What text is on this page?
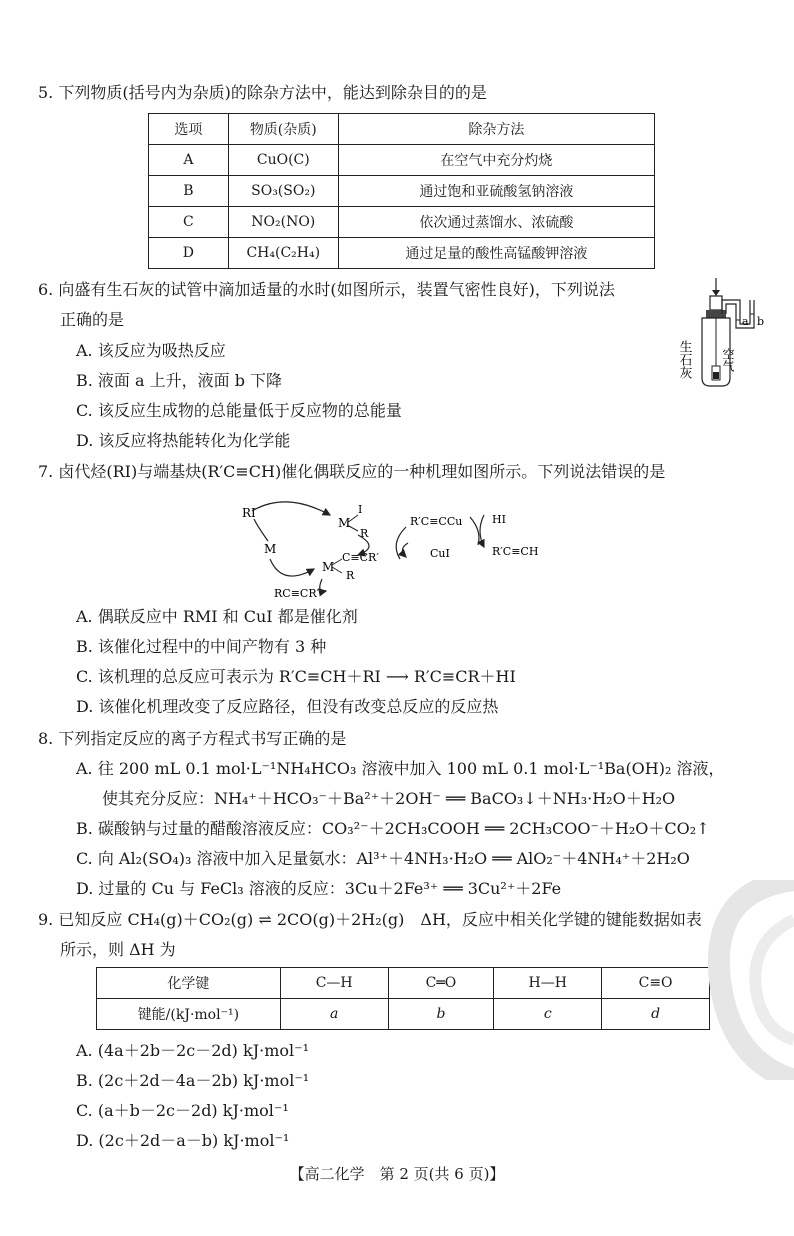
5. 下列物质(括号内为杂质)的除杂方法中，能达到除杂目的的是
选项	物质(杂质)	除杂方法
A	CuO(C)	在空气中充分灼烧
B	SO₃(SO₂)	通过饱和亚硫酸氢钠溶液
C	NO₂(NO)	依次通过蒸馏水、浓硫酸
D	CH₄(C₂H₄)	通过足量的酸性高锰酸钾溶液
6. 向盛有生石灰的试管中滴加适量的水时(如图所示，装置气密性良好)，下列说法
正确的是
A. 该反应为吸热反应
B. 液面 a 上升，液面 b 下降
C. 该反应生成物的总能量低于反应物的总能量
D. 该反应将热能转化为化学能
a b
空气
生石灰
7. 卤代烃(RI)与端基炔(R′C≡CH)催化偶联反应的一种机理如图所示。下列说法错误的是
RI
M
M
I
R
M
C≡CR′
R
RC≡CR′
R′C≡CCu
CuI
HI
R′C≡CH
A. 偶联反应中 RMI 和 CuI 都是催化剂
B. 该催化过程中的中间产物有 3 种
C. 该机理的总反应可表示为 R′C≡CH＋RI ⟶ R′C≡CR＋HI
D. 该催化机理改变了反应路径，但没有改变总反应的反应热
8. 下列指定反应的离子方程式书写正确的是
A. 往 200 mL 0.1 mol·L⁻¹NH₄HCO₃ 溶液中加入 100 mL 0.1 mol·L⁻¹Ba(OH)₂ 溶液，
使其充分反应：NH₄⁺＋HCO₃⁻＋Ba²⁺＋2OH⁻ ══ BaCO₃↓＋NH₃·H₂O＋H₂O
B. 碳酸钠与过量的醋酸溶液反应：CO₃²⁻＋2CH₃COOH ══ 2CH₃COO⁻＋H₂O＋CO₂↑
C. 向 Al₂(SO₄)₃ 溶液中加入足量氨水：Al³⁺＋4NH₃·H₂O ══ AlO₂⁻＋4NH₄⁺＋2H₂O
D. 过量的 Cu 与 FeCl₃ 溶液的反应：3Cu＋2Fe³⁺ ══ 3Cu²⁺＋2Fe
9. 已知反应 CH₄(g)＋CO₂(g) ⇌ 2CO(g)＋2H₂(g)　ΔH，反应中相关化学键的键能数据如表
所示，则 ΔH 为
化学键	C—H	C═O	H—H	C≡O
键能/(kJ·mol⁻¹)	a	b	c	d
A. (4a＋2b－2c－2d) kJ·mol⁻¹
B. (2c＋2d－4a－2b) kJ·mol⁻¹
C. (a＋b－2c－2d) kJ·mol⁻¹
D. (2c＋2d－a－b) kJ·mol⁻¹
【高二化学　第 2 页(共 6 页)】
